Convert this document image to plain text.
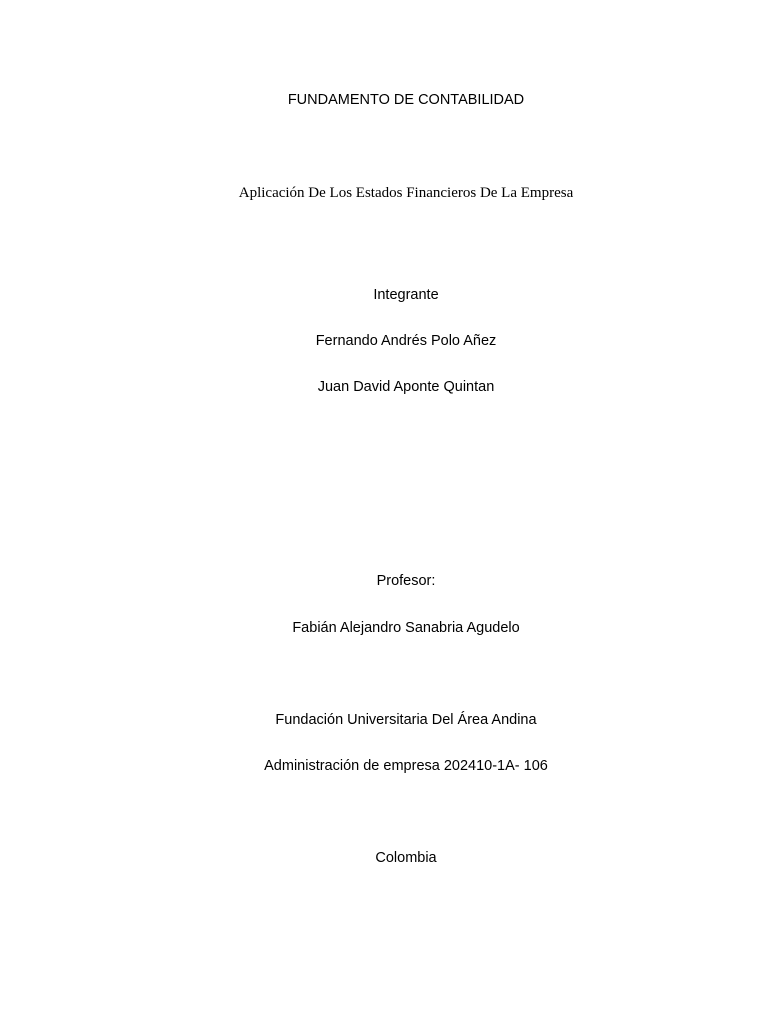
FUNDAMENTO DE CONTABILIDAD
Aplicación De Los Estados Financieros De La Empresa
Integrante
Fernando Andrés Polo Añez
Juan David Aponte Quintan
Profesor:
Fabián Alejandro Sanabria Agudelo
Fundación Universitaria Del Área Andina
Administración de empresa 202410-1A- 106
Colombia
